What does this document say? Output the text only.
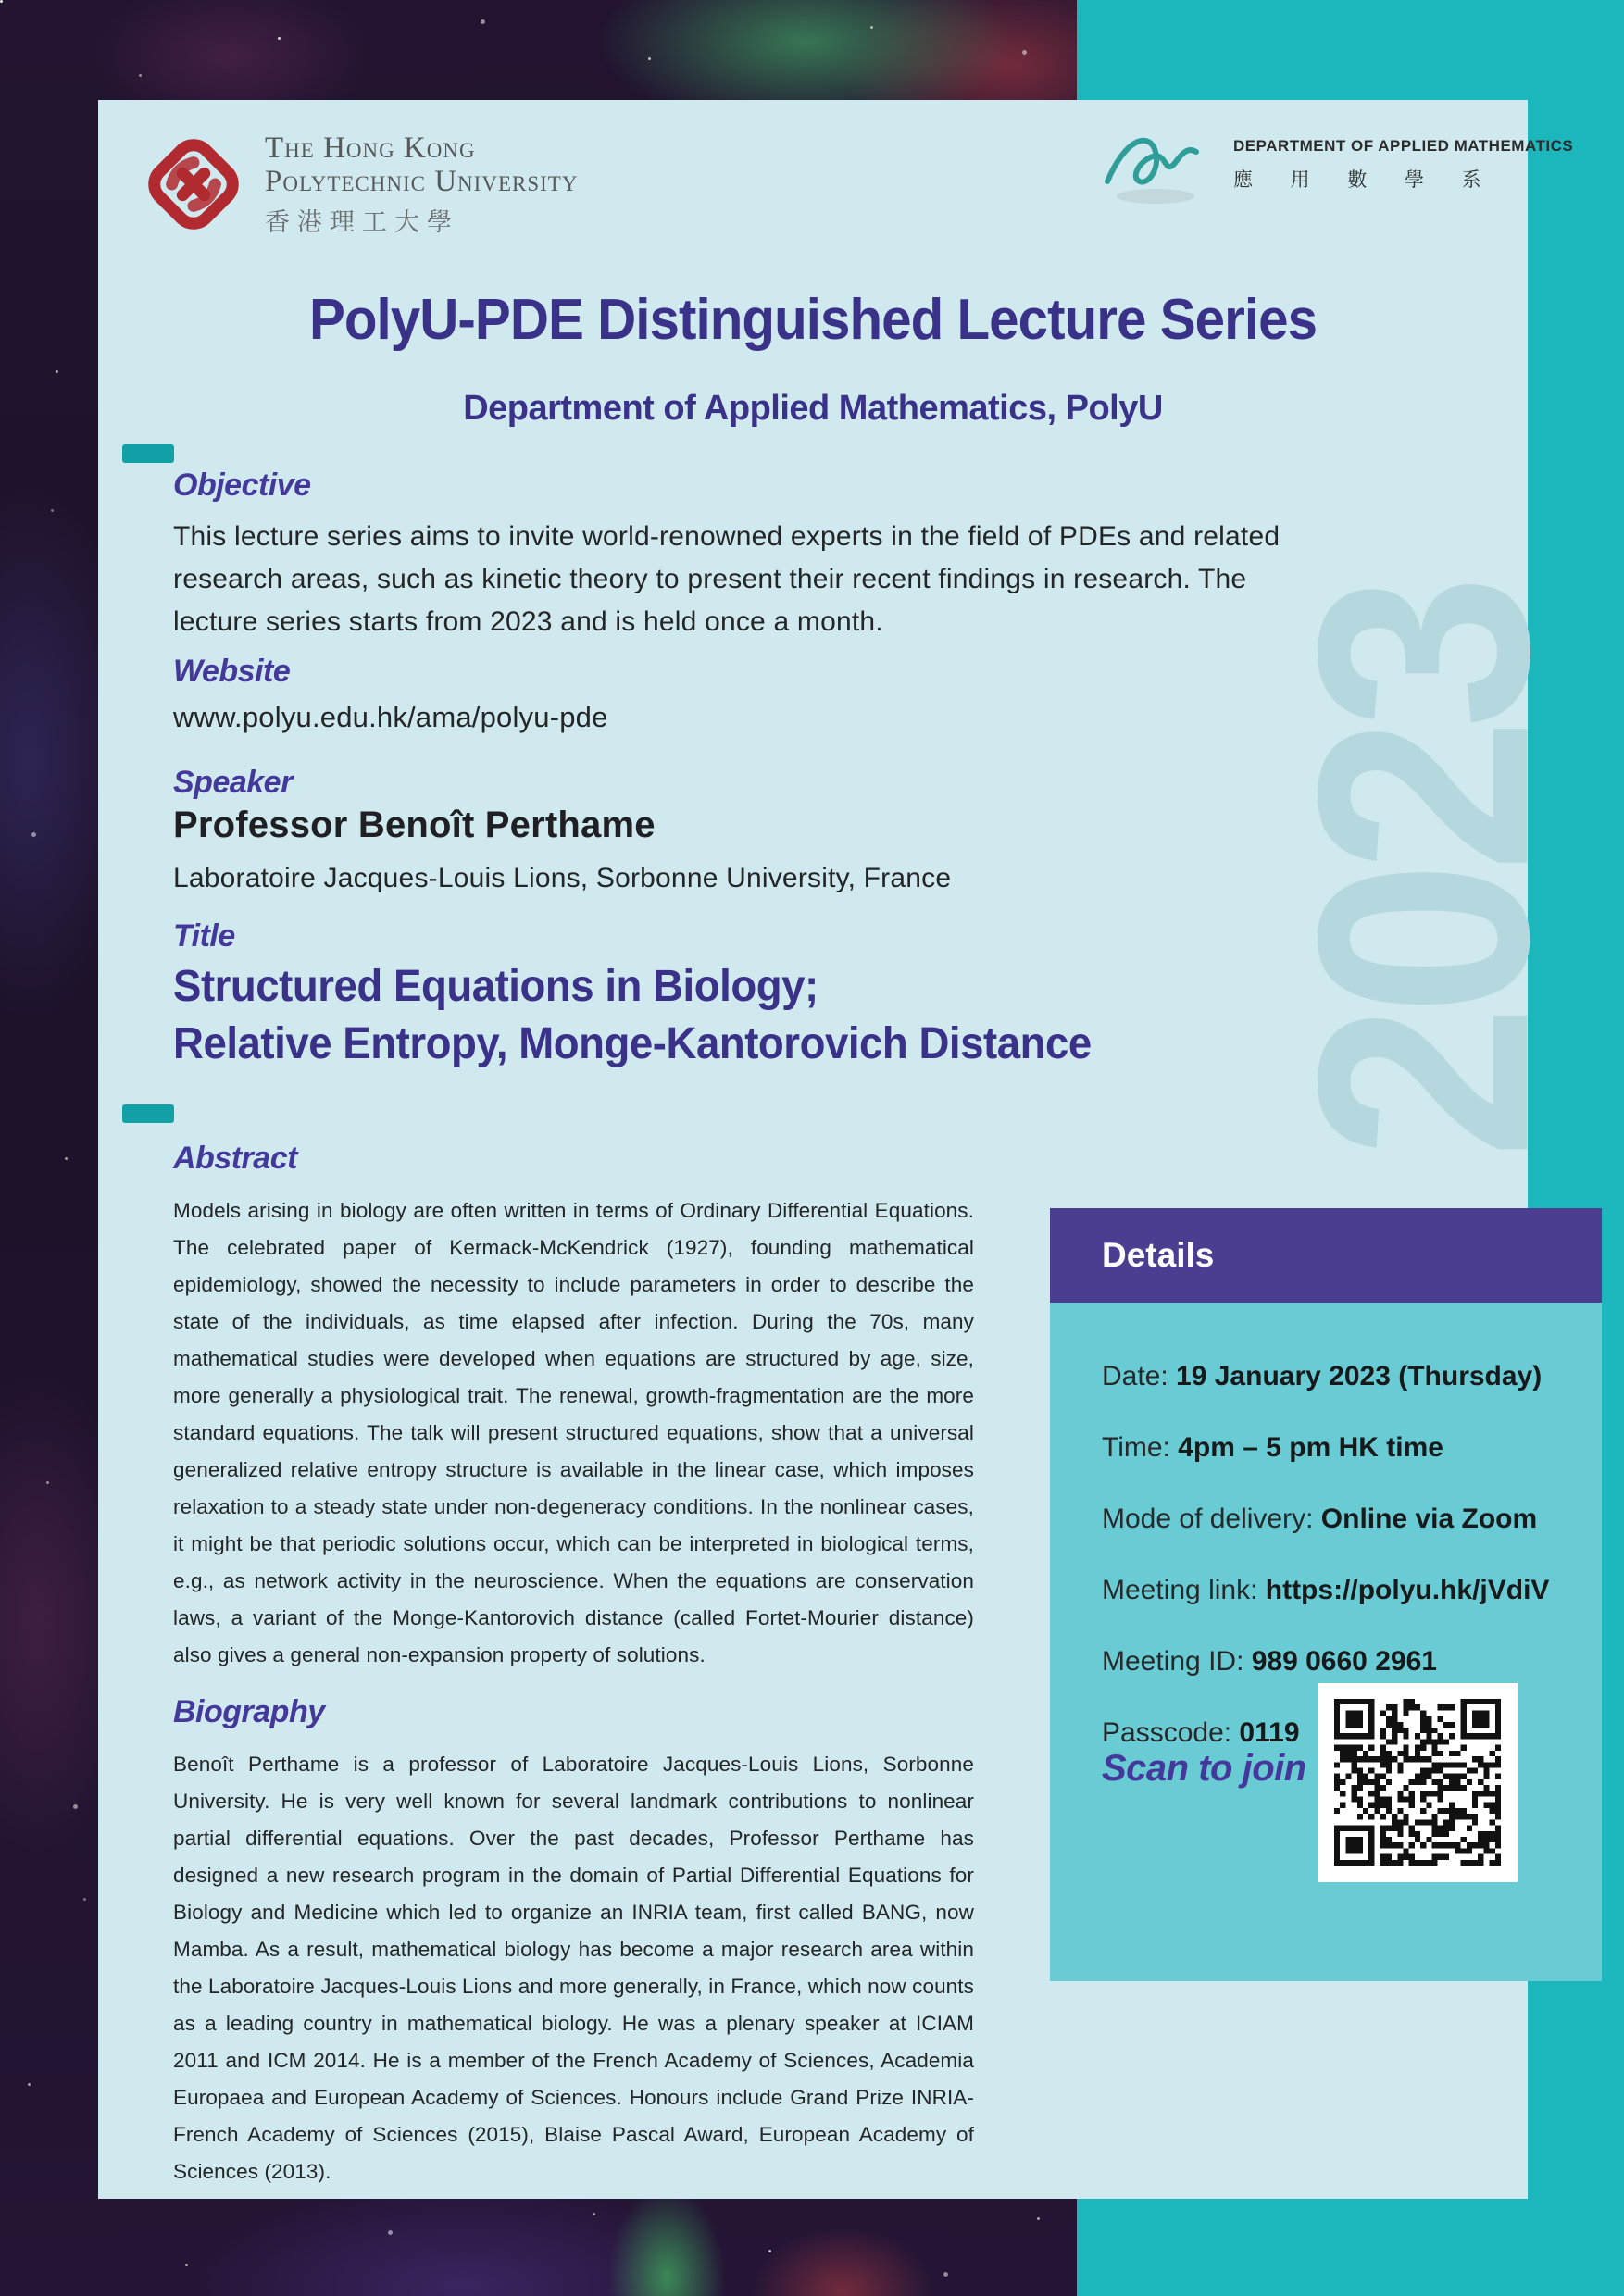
2023
The Hong Kong
Polytechnic University
香港理工大學
DEPARTMENT OF APPLIED MATHEMATICS
應 用 數 學 系
PolyU-PDE Distinguished Lecture Series
Department of Applied Mathematics, PolyU
Objective
This lecture series aims to invite world-renowned experts in the field of PDEs and related research areas, such as kinetic theory to present their recent findings in research. The lecture series starts from 2023 and is held once a month.
Website
www.polyu.edu.hk/ama/polyu-pde
Speaker
Professor Benoît Perthame
Laboratoire Jacques-Louis Lions, Sorbonne University, France
Title
Structured Equations in Biology;
Relative Entropy, Monge-Kantorovich Distance
Abstract
Models arising in biology are often written in terms of Ordinary Differential Equations. The celebrated paper of Kermack-McKendrick (1927), founding mathematical epidemiology, showed the necessity to include parameters in order to describe the state of the individuals, as time elapsed after infection. During the 70s, many mathematical studies were developed when equations are structured by age, size, more generally a physiological trait. The renewal, growth-fragmentation are the more standard equations. The talk will present structured equations, show that a universal generalized relative entropy structure is available in the linear case, which imposes relaxation to a steady state under non-degeneracy conditions. In the nonlinear cases, it might be that periodic solutions occur, which can be interpreted in biological terms, e.g., as network activity in the neuroscience. When the equations are conservation laws, a variant of the Monge-Kantorovich distance (called Fortet-Mourier distance) also gives a general non-expansion property of solutions.
Biography
Benoît Perthame is a professor of Laboratoire Jacques-Louis Lions, Sorbonne University. He is very well known for several landmark contributions to nonlinear partial differential equations. Over the past decades, Professor Perthame has designed a new research program in the domain of Partial Differential Equations for Biology and Medicine which led to organize an INRIA team, first called BANG, now Mamba. As a result, mathematical biology has become a major research area within the Laboratoire Jacques-Louis Lions and more generally, in France, which now counts as a leading country in mathematical biology. He was a plenary speaker at ICIAM 2011 and ICM 2014. He is a member of the French Academy of Sciences, Academia Europaea and European Academy of Sciences. Honours include Grand Prize INRIA-French Academy of Sciences (2015), Blaise Pascal Award, European Academy of Sciences (2013).
Details
Date: 19 January 2023 (Thursday)
Time: 4pm – 5 pm HK time
Mode of delivery: Online via Zoom
Meeting link: https://polyu.hk/jVdiV
Meeting ID: 989 0660 2961
Passcode: 0119
Scan to join
